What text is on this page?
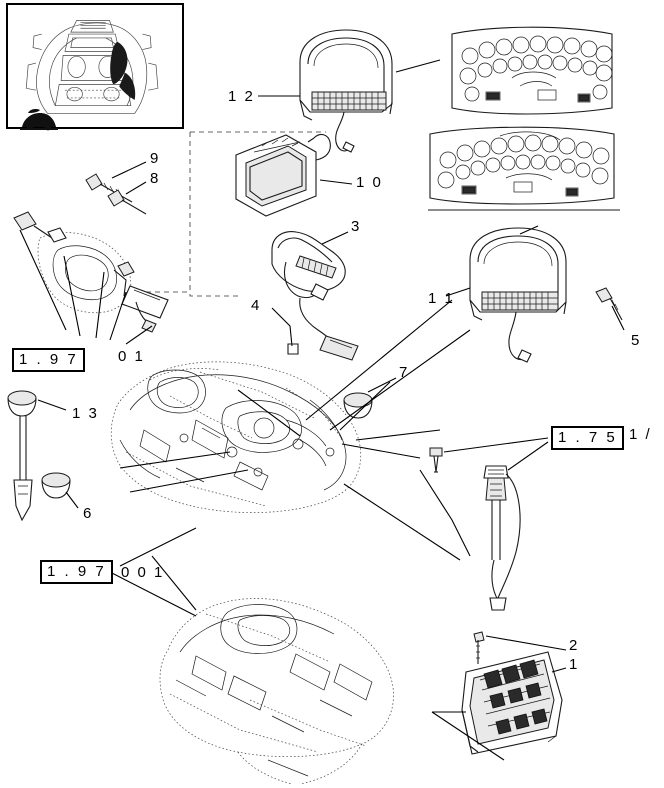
1 2
9
8	1 0
3
4	1 1
5
0 1
7
1 3
6
1 /
2
1
1 . 9 7
1 . 7 5
1 . 9 7 0 0 1
